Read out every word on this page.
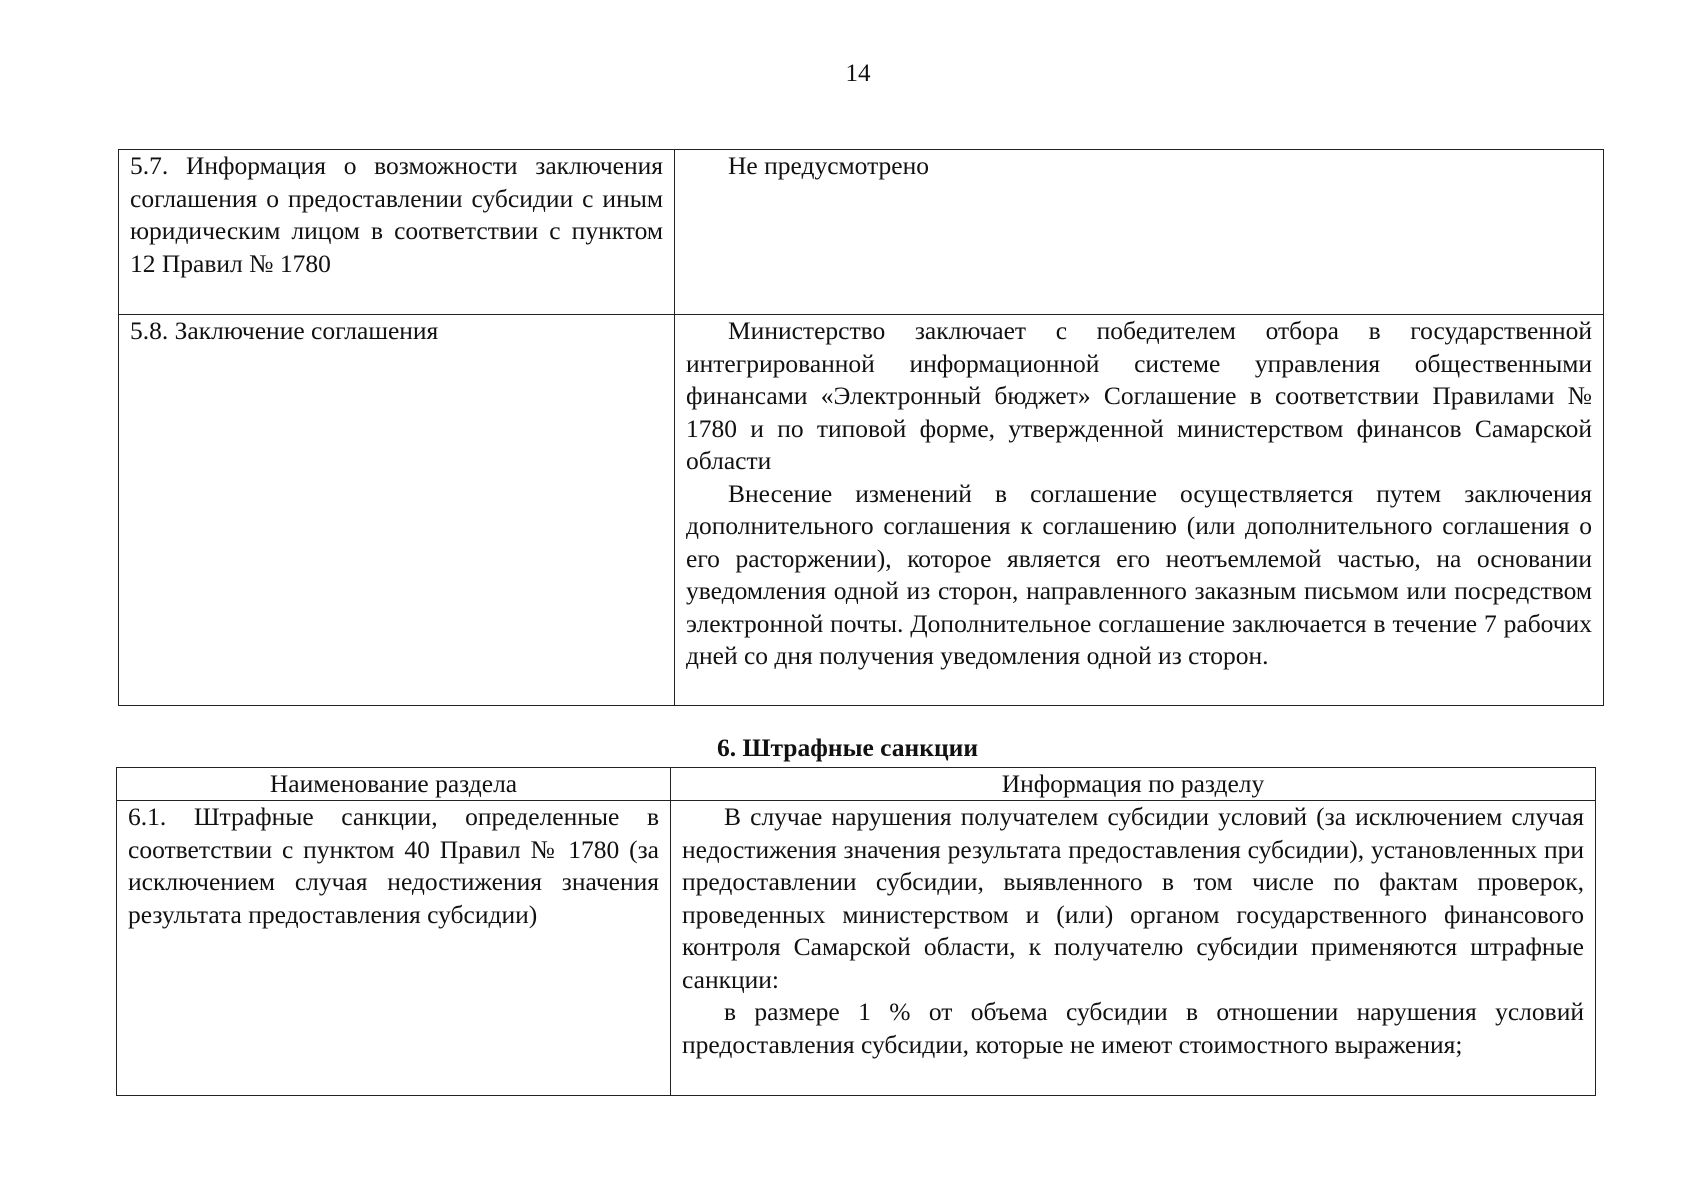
14

5.7. Информация о возможности заключения соглашения о предоставлении субсидии с иным юридическим лицом в соответствии с пунктом 12 Правил № 1780	Не предусмотрено

5.8. Заключение соглашения	Министерство заключает с победителем отбора в государственной интегрированной информационной системе управления общественными финансами «Электронный бюджет» Соглашение в соответствии Правилами № 1780 и по типовой форме, утвержденной министерством финансов Самарской области

Внесение изменений в соглашение осуществляется путем заключения дополнительного соглашения к соглашению (или дополнительного соглашения о его расторжении), которое является его неотъемлемой частью, на основании уведомления одной из сторон, направленного заказным письмом или посредством электронной почты. Дополнительное соглашение заключается в течение 7 рабочих дней со дня получения уведомления одной из сторон.

6. Штрафные санкции
Наименование раздела	Информация по разделу

6.1. Штрафные санкции, определенные в соответствии с пунктом 40 Правил № 1780 (за исключением случая недостижения значения результата предоставления субсидии)	В случае нарушения получателем субсидии условий (за исключением случая недостижения значения результата предоставления субсидии), установленных при предоставлении субсидии, выявленного в том числе по фактам проверок, проведенных министерством и (или) органом государственного финансового контроля Самарской области, к получателю субсидии применяются штрафные санкции:

в размере 1 % от объема субсидии в отношении нарушения условий предоставления субсидии, которые не имеют стоимостного выражения;
